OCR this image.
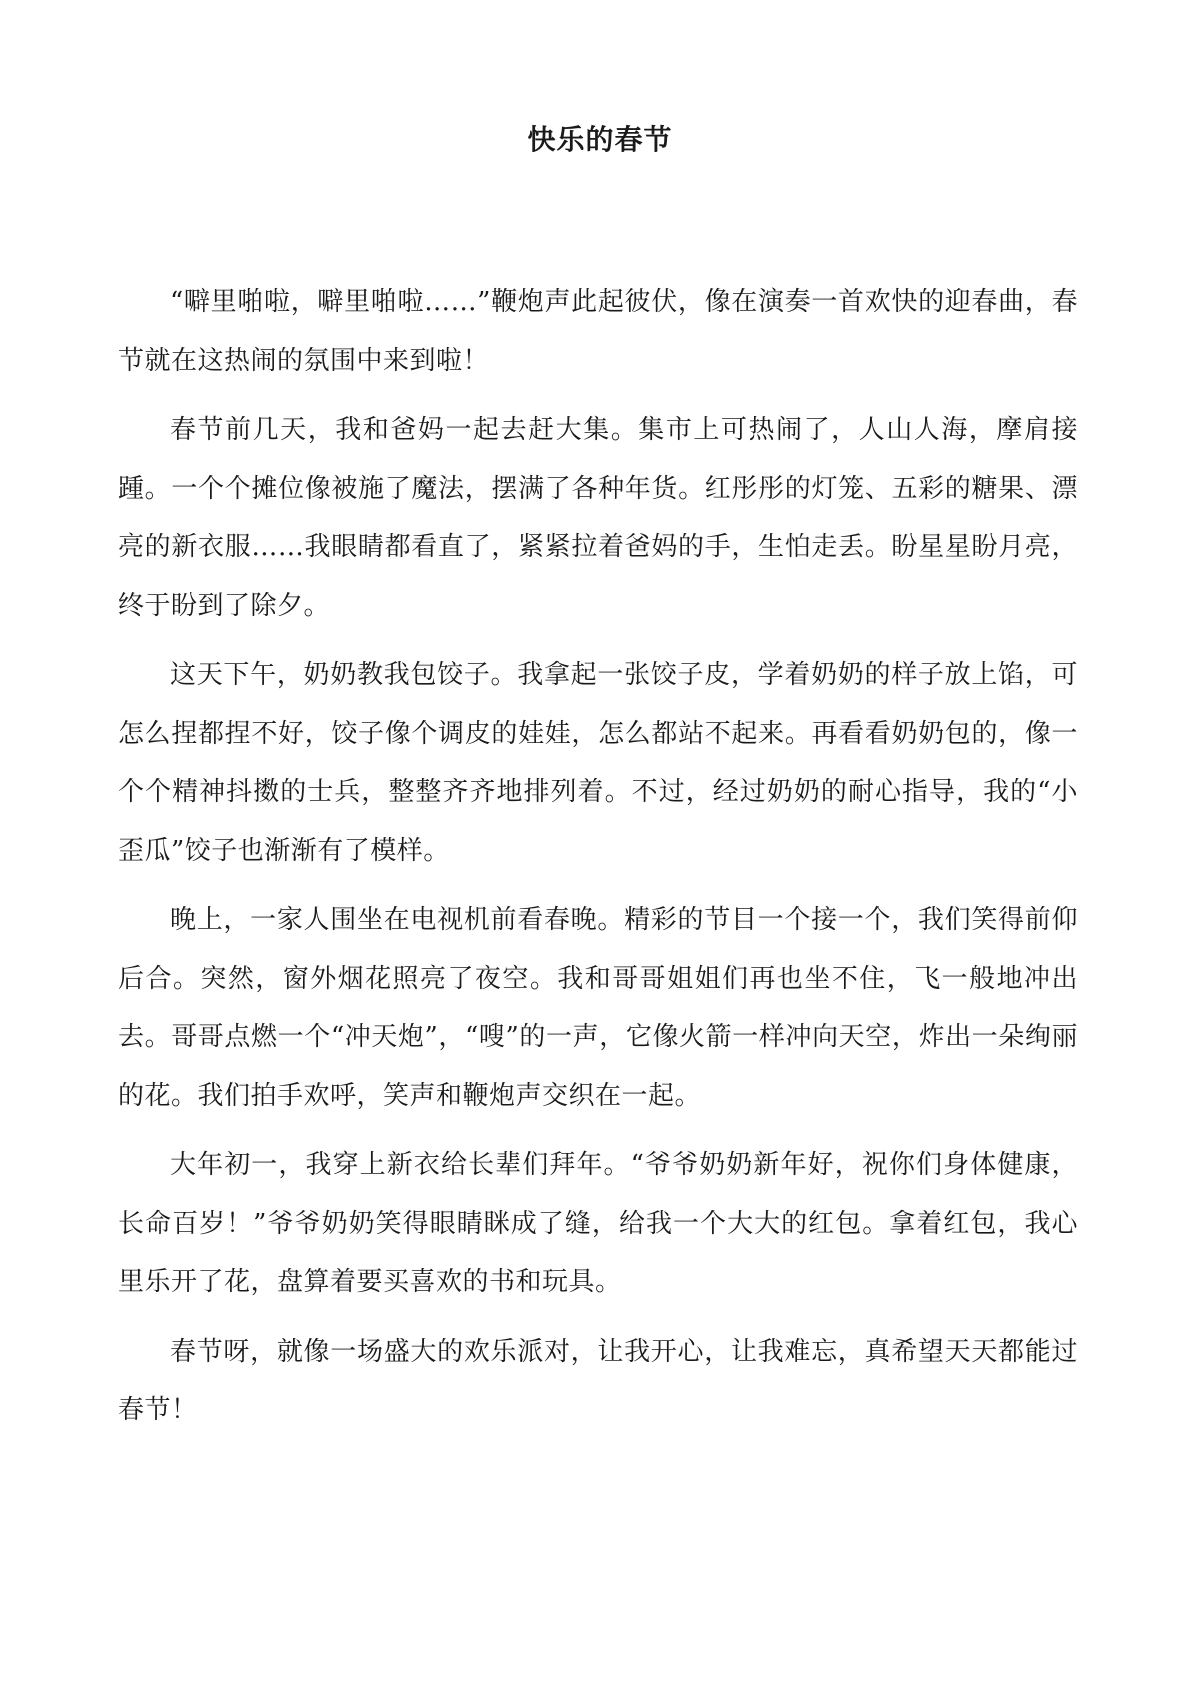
快乐的春节

“噼里啪啦，噼里啪啦……”鞭炮声此起彼伏，像在演奏一首欢快的迎春曲，春节就在这热闹的氛围中来到啦！

春节前几天，我和爸妈一起去赶大集。集市上可热闹了，人山人海，摩肩接踵。一个个摊位像被施了魔法，摆满了各种年货。红彤彤的灯笼、五彩的糖果、漂亮的新衣服……我眼睛都看直了，紧紧拉着爸妈的手，生怕走丢。盼星星盼月亮，终于盼到了除夕。

这天下午，奶奶教我包饺子。我拿起一张饺子皮，学着奶奶的样子放上馅，可怎么捏都捏不好，饺子像个调皮的娃娃，怎么都站不起来。再看看奶奶包的，像一个个精神抖擞的士兵，整整齐齐地排列着。不过，经过奶奶的耐心指导，我的“小歪瓜”饺子也渐渐有了模样。

晚上，一家人围坐在电视机前看春晚。精彩的节目一个接一个，我们笑得前仰后合。突然，窗外烟花照亮了夜空。我和哥哥姐姐们再也坐不住，飞一般地冲出去。哥哥点燃一个“冲天炮”，“嗖”的一声，它像火箭一样冲向天空，炸出一朵绚丽的花。我们拍手欢呼，笑声和鞭炮声交织在一起。

大年初一，我穿上新衣给长辈们拜年。“爷爷奶奶新年好，祝你们身体健康，长命百岁！”爷爷奶奶笑得眼睛眯成了缝，给我一个大大的红包。拿着红包，我心里乐开了花，盘算着要买喜欢的书和玩具。

春节呀，就像一场盛大的欢乐派对，让我开心，让我难忘，真希望天天都能过春节！
